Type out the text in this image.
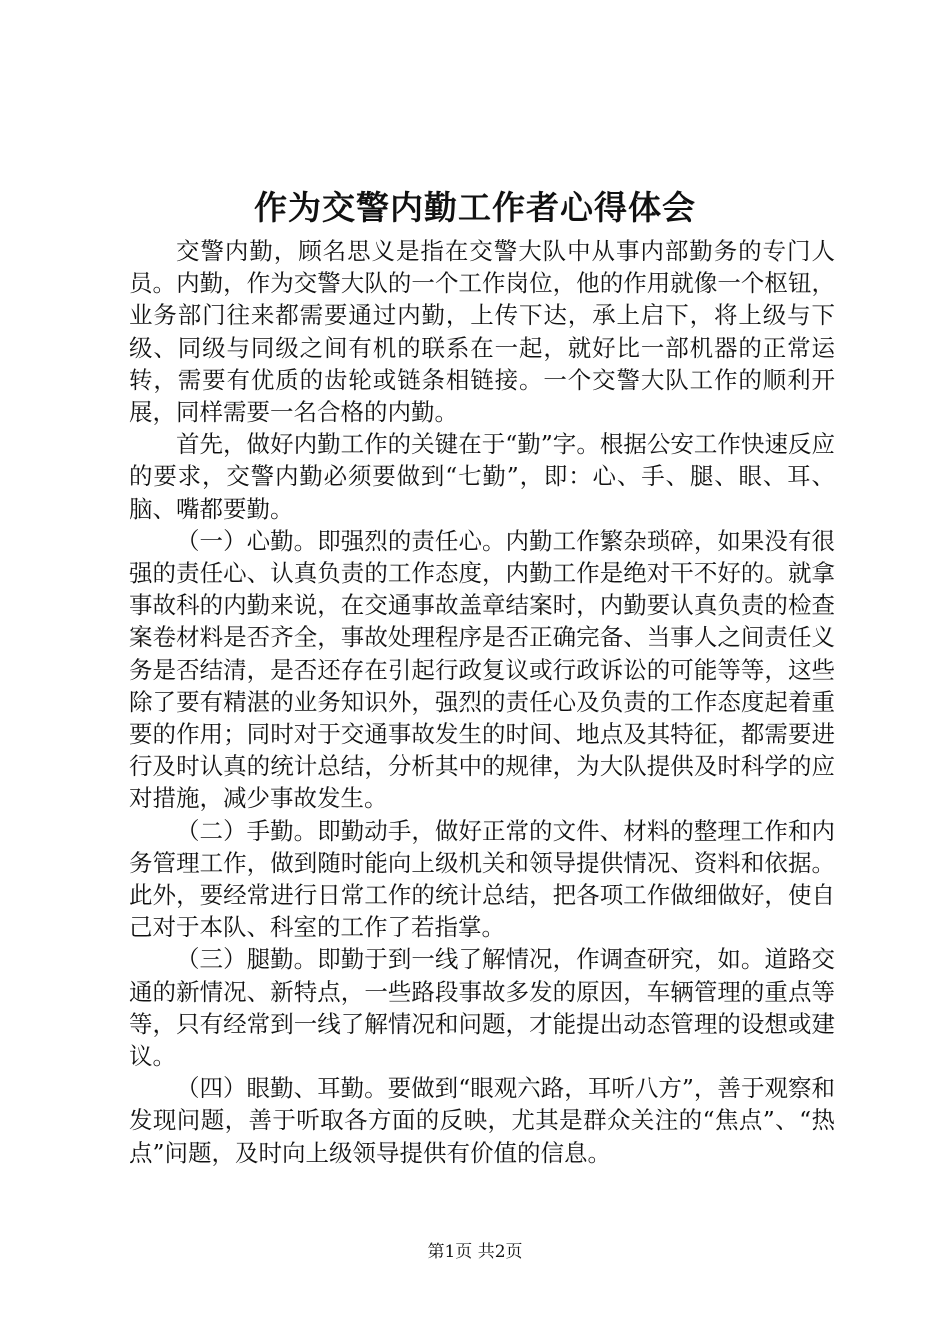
作为交警内勤工作者心得体会

交警内勤，顾名思义是指在交警大队中从事内部勤务的专门人员。内勤，作为交警大队的一个工作岗位，他的作用就像一个枢钮，业务部门往来都需要通过内勤，上传下达，承上启下，将上级与下级、同级与同级之间有机的联系在一起，就好比一部机器的正常运转，需要有优质的齿轮或链条相链接。一个交警大队工作的顺利开展，同样需要一名合格的内勤。

首先，做好内勤工作的关键在于“勤”字。根据公安工作快速反应的要求，交警内勤必须要做到“七勤”，即：心、手、腿、眼、耳、脑、嘴都要勤。

（一）心勤。即强烈的责任心。内勤工作繁杂琐碎，如果没有很强的责任心、认真负责的工作态度，内勤工作是绝对干不好的。就拿事故科的内勤来说，在交通事故盖章结案时，内勤要认真负责的检查案卷材料是否齐全，事故处理程序是否正确完备、当事人之间责任义务是否结清，是否还存在引起行政复议或行政诉讼的可能等等，这些除了要有精湛的业务知识外，强烈的责任心及负责的工作态度起着重要的作用；同时对于交通事故发生的时间、地点及其特征，都需要进行及时认真的统计总结，分析其中的规律，为大队提供及时科学的应对措施，减少事故发生。

（二）手勤。即勤动手，做好正常的文件、材料的整理工作和内务管理工作，做到随时能向上级机关和领导提供情况、资料和依据。此外，要经常进行日常工作的统计总结，把各项工作做细做好，使自己对于本队、科室的工作了若指掌。

（三）腿勤。即勤于到一线了解情况，作调查研究，如。道路交通的新情况、新特点，一些路段事故多发的原因，车辆管理的重点等等，只有经常到一线了解情况和问题，才能提出动态管理的设想或建议。

（四）眼勤、耳勤。要做到“眼观六路，耳听八方”，善于观察和发现问题，善于听取各方面的反映，尤其是群众关注的“焦点”、“热点”问题，及时向上级领导提供有价值的信息。

第1页 共2页
